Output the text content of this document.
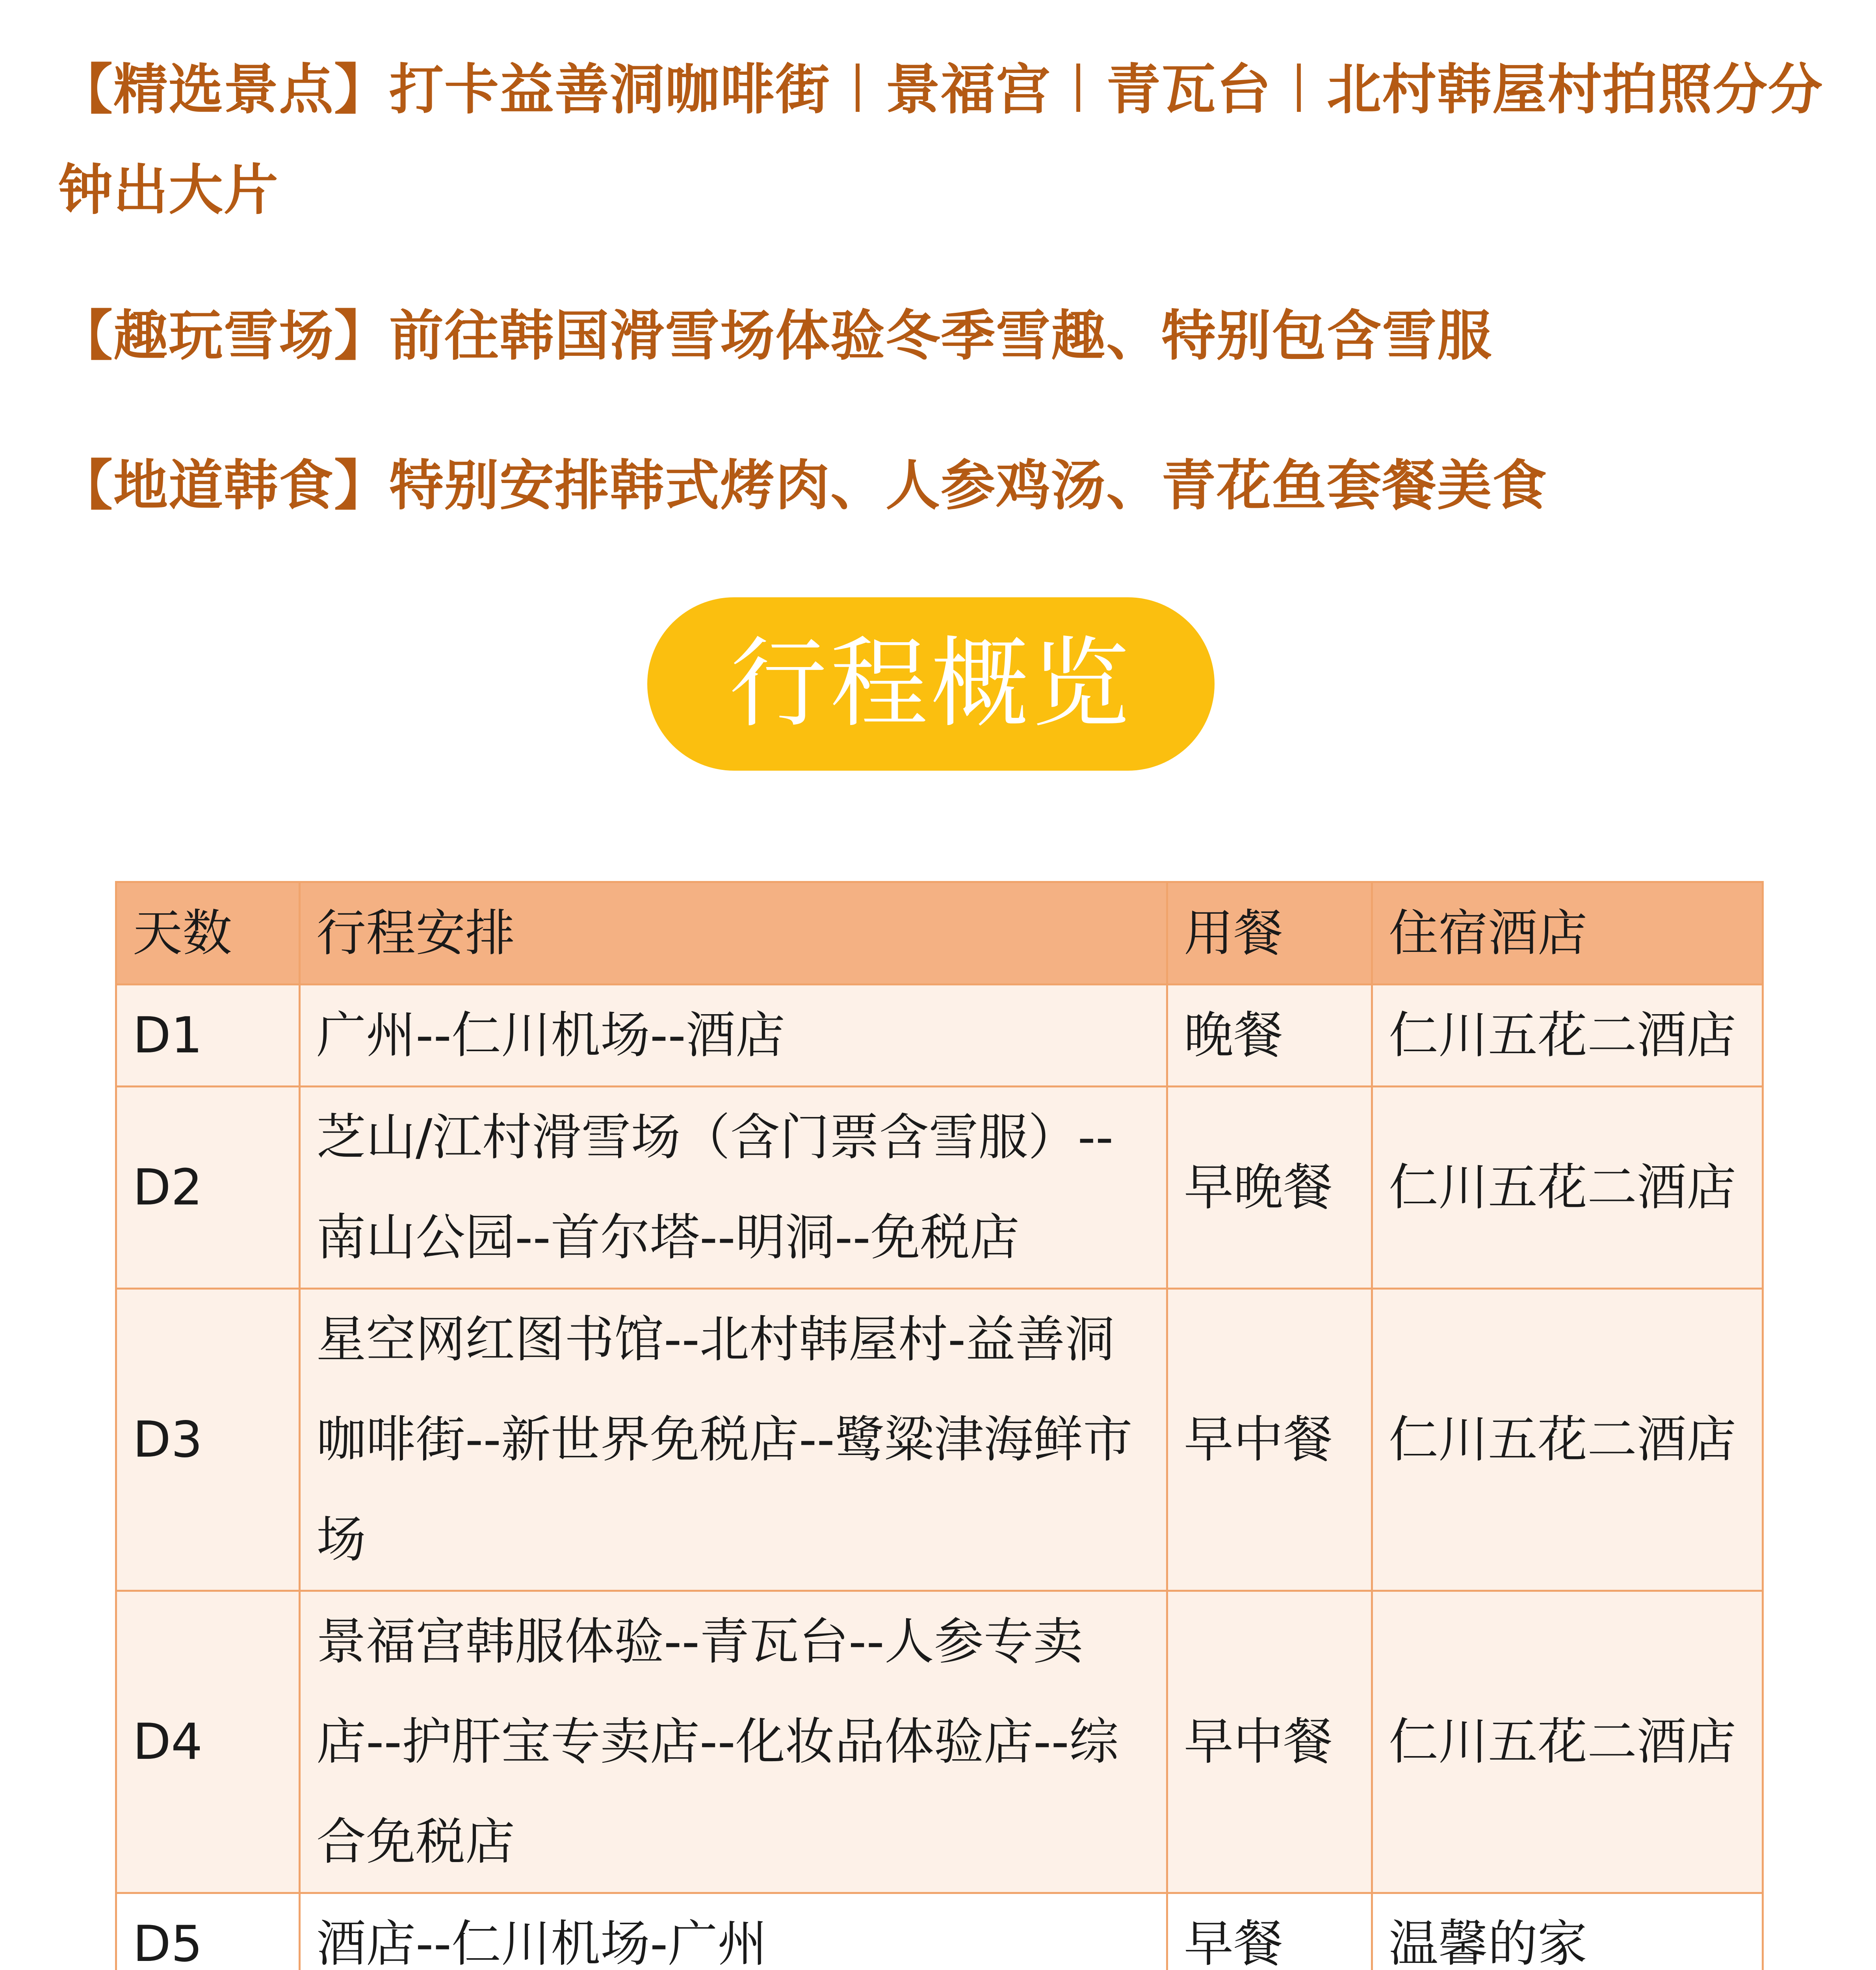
【精选景点】打卡益善洞咖啡街︱景福宫︱青瓦台︱北村韩屋村拍照分分钟出大片
【趣玩雪场】前往韩国滑雪场体验冬季雪趣、特别包含雪服
【地道韩食】特别安排韩式烤肉、人参鸡汤、青花鱼套餐美食
行程概览
天数	行程安排	用餐	住宿酒店
D1	广州--仁川机场--酒店	晚餐	仁川五花二酒店
D2	芝山/江村滑雪场（含门票含雪服）--南山公园--首尔塔--明洞--免税店	早晚餐	仁川五花二酒店
D3	星空网红图书馆--北村韩屋村-益善洞咖啡街--新世界免税店--鹭粱津海鲜市场	早中餐	仁川五花二酒店
D4	景福宫韩服体验--青瓦台--人参专卖店--护肝宝专卖店--化妆品体验店--综合免税店	早中餐	仁川五花二酒店
D5	酒店--仁川机场-广州	早餐	温馨的家
